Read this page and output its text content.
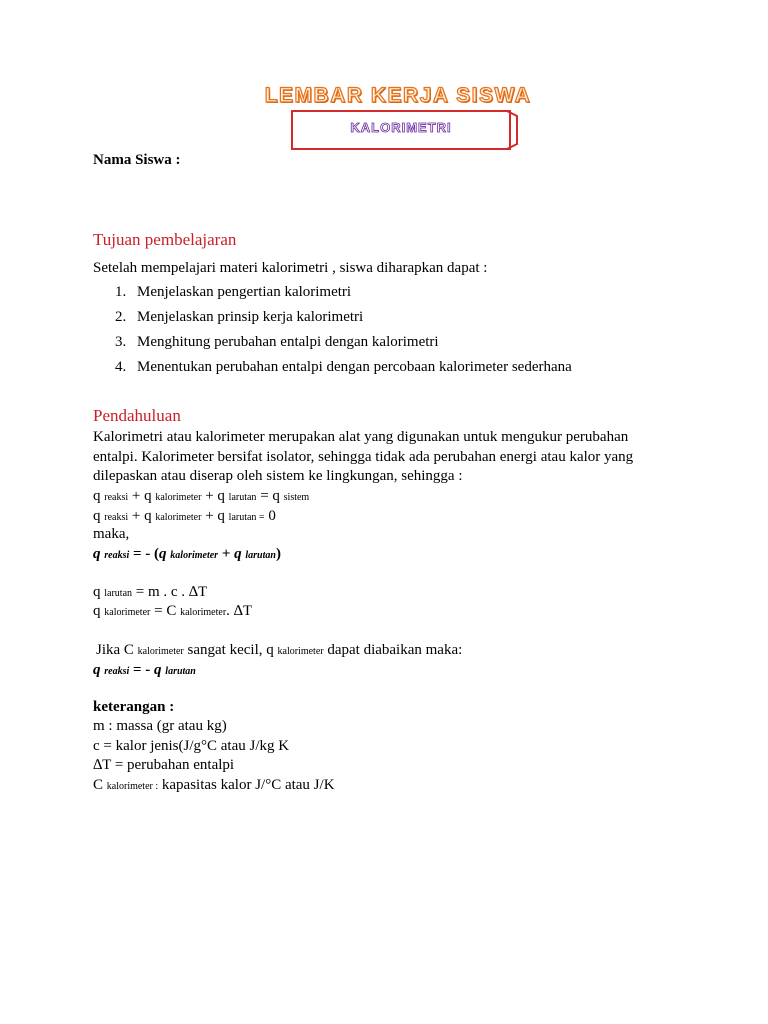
LEMBAR KERJA SISWA
KALORIMETRI
Nama Siswa :
Tujuan pembelajaran
Setelah mempelajari materi kalorimetri , siswa diharapkan dapat :
1. Menjelaskan pengertian kalorimetri
2. Menjelaskan prinsip kerja kalorimetri
3. Menghitung perubahan entalpi dengan kalorimetri
4. Menentukan perubahan entalpi dengan percobaan kalorimeter sederhana
Pendahuluan
Kalorimetri atau kalorimeter merupakan alat yang digunakan untuk mengukur perubahan
entalpi. Kalorimeter bersifat isolator, sehingga tidak ada perubahan energi atau kalor yang
dilepaskan atau diserap oleh sistem ke lingkungan, sehingga :
q reaksi + q kalorimeter + q larutan = q sistem
q reaksi + q kalorimeter + q larutan = 0
maka,
q reaksi = - (q kalorimeter + q larutan)
q larutan = m . c . ∆T
q kalorimeter = C kalorimeter. ∆T
Jika C kalorimeter sangat kecil, q kalorimeter dapat diabaikan maka:
q reaksi = - q larutan
keterangan :
m : massa (gr atau kg)
c = kalor jenis(J/g°C atau J/kg K
∆T = perubahan entalpi
C kalorimeter : kapasitas kalor J/°C atau J/K
